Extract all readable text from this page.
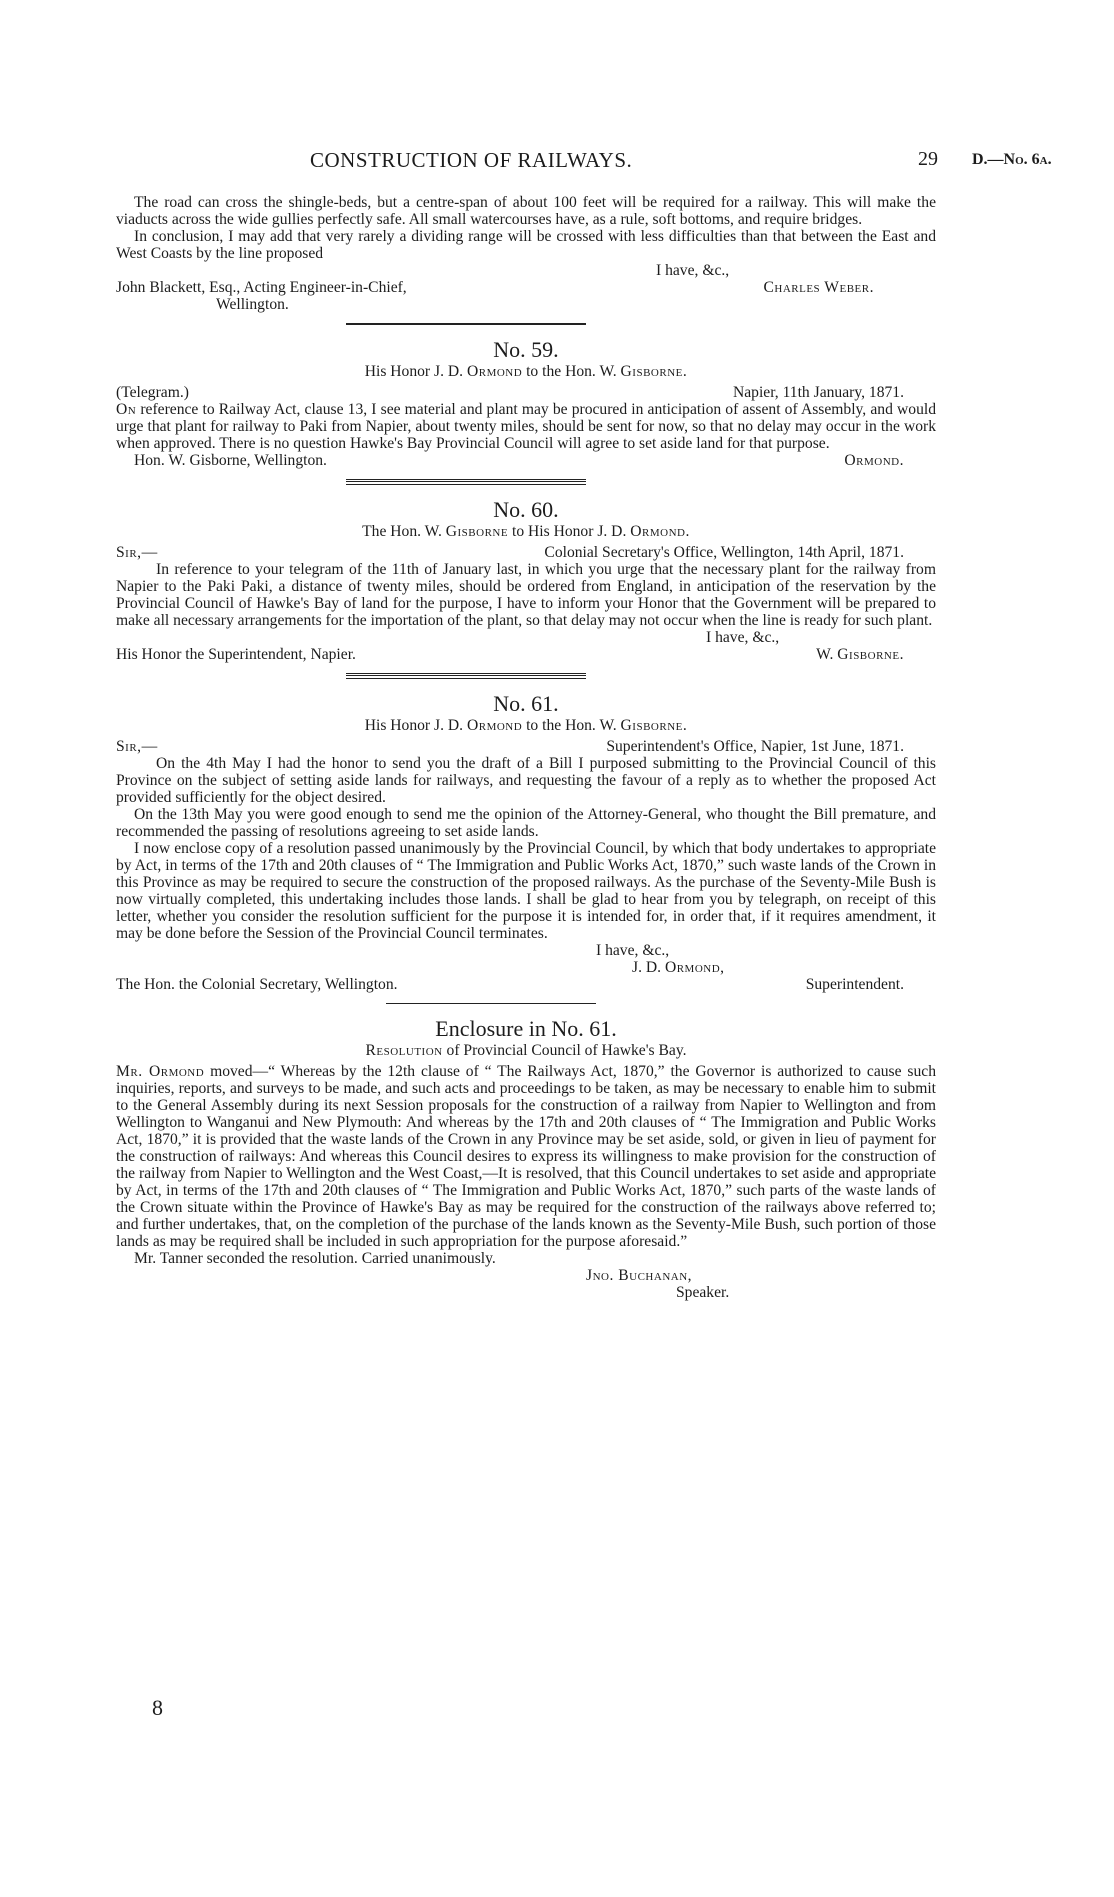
CONSTRUCTION OF RAILWAYS.	29 D.—No. 6a.

The road can cross the shingle-beds, but a centre-span of about 100 feet will be required for a railway. This will make the viaducts across the wide gullies perfectly safe. All small watercourses have, as a rule, soft bottoms, and require bridges.

In conclusion, I may add that very rarely a dividing range will be crossed with less difficulties than that between the East and West Coasts by the line proposed

I have, &c.,
John Blackett, Esq., Acting Engineer-in-Chief,	Charles Weber.
Wellington.
No. 59.
His Honor J. D. Ormond to the Hon. W. Gisborne.
(Telegram.)	Napier, 11th January, 1871.

On reference to Railway Act, clause 13, I see material and plant may be procured in anticipation of assent of Assembly, and would urge that plant for railway to Paki from Napier, about twenty miles, should be sent for now, so that no delay may occur in the work when approved. There is no question Hawke's Bay Provincial Council will agree to set aside land for that purpose.

Hon. W. Gisborne, Wellington.	Ormond.
No. 60.
The Hon. W. Gisborne to His Honor J. D. Ormond.
Sir,—	Colonial Secretary's Office, Wellington, 14th April, 1871.

In reference to your telegram of the 11th of January last, in which you urge that the necessary plant for the railway from Napier to the Paki Paki, a distance of twenty miles, should be ordered from England, in anticipation of the reservation by the Provincial Council of Hawke's Bay of land for the purpose, I have to inform your Honor that the Government will be prepared to make all necessary arrangements for the importation of the plant, so that delay may not occur when the line is ready for such plant.

I have, &c.,
His Honor the Superintendent, Napier.	W. Gisborne.
No. 61.
His Honor J. D. Ormond to the Hon. W. Gisborne.
Sir,—	Superintendent's Office, Napier, 1st June, 1871.

On the 4th May I had the honor to send you the draft of a Bill I purposed submitting to the Provincial Council of this Province on the subject of setting aside lands for railways, and requesting the favour of a reply as to whether the proposed Act provided sufficiently for the object desired.

On the 13th May you were good enough to send me the opinion of the Attorney-General, who thought the Bill premature, and recommended the passing of resolutions agreeing to set aside lands.

I now enclose copy of a resolution passed unanimously by the Provincial Council, by which that body undertakes to appropriate by Act, in terms of the 17th and 20th clauses of “ The Immigration and Public Works Act, 1870,” such waste lands of the Crown in this Province as may be required to secure the construction of the proposed railways. As the purchase of the Seventy-Mile Bush is now virtually completed, this undertaking includes those lands. I shall be glad to hear from you by telegraph, on receipt of this letter, whether you consider the resolution sufficient for the purpose it is intended for, in order that, if it requires amendment, it may be done before the Session of the Provincial Council terminates.

I have, &c.,
J. D. Ormond,
The Hon. the Colonial Secretary, Wellington.	Superintendent.
Enclosure in No. 61.
Resolution of Provincial Council of Hawke's Bay.

Mr. Ormond moved—“ Whereas by the 12th clause of “ The Railways Act, 1870,” the Governor is authorized to cause such inquiries, reports, and surveys to be made, and such acts and proceedings to be taken, as may be necessary to enable him to submit to the General Assembly during its next Session proposals for the construction of a railway from Napier to Wellington and from Wellington to Wanganui and New Plymouth: And whereas by the 17th and 20th clauses of “ The Immigration and Public Works Act, 1870,” it is provided that the waste lands of the Crown in any Province may be set aside, sold, or given in lieu of payment for the construction of railways: And whereas this Council desires to express its willingness to make provision for the construction of the railway from Napier to Wellington and the West Coast,—It is resolved, that this Council undertakes to set aside and appropriate by Act, in terms of the 17th and 20th clauses of “ The Immigration and Public Works Act, 1870,” such parts of the waste lands of the Crown situate within the Province of Hawke's Bay as may be required for the construction of the railways above referred to; and further undertakes, that, on the completion of the purchase of the lands known as the Seventy-Mile Bush, such portion of those lands as may be required shall be included in such appropriation for the purpose aforesaid.”

Mr. Tanner seconded the resolution. Carried unanimously.

Jno. Buchanan,
Speaker.
8
